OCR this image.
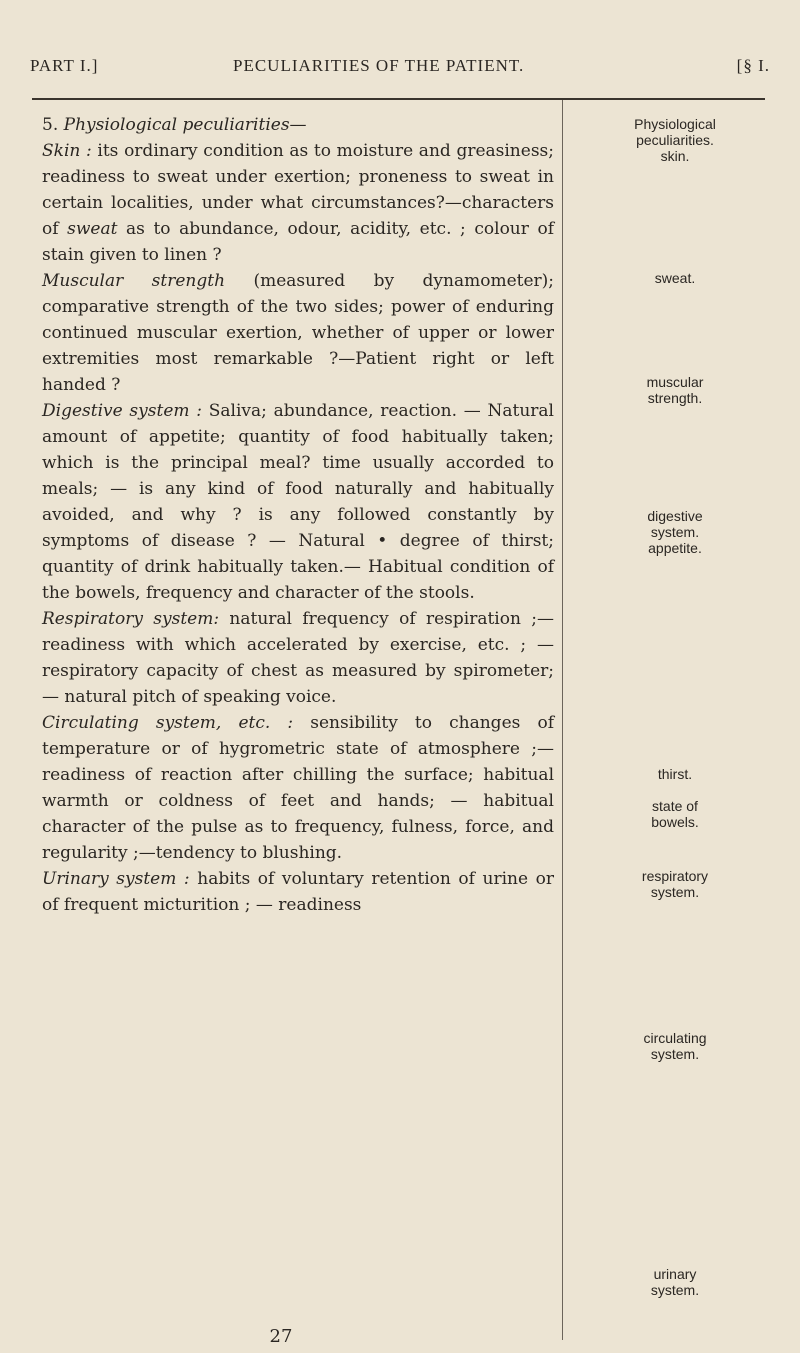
PART I.]	PECULIARITIES OF THE PATIENT.	[§ I.

5. Physiological peculiarities—

Skin : its ordinary condition as to moisture and greasiness; readiness to sweat under exertion; proneness to sweat in certain localities, under what circumstances?—characters of sweat as to abundance, odour, acidity, etc. ; colour of stain given to linen ?

Muscular strength (measured by dynamometer); comparative strength of the two sides; power of enduring continued muscular exertion, whether of upper or lower extremities most remarkable ?—Patient right or left handed ?

Digestive system : Saliva; abundance, reaction. — Natural amount of appetite; quantity of food habitually taken; which is the principal meal? time usually accorded to meals; — is any kind of food naturally and habitually avoided, and why ? is any followed constantly by symptoms of disease ? — Natural • degree of thirst; quantity of drink habitually taken.— Habitual condition of the bowels, frequency and character of the stools.

Respiratory system: natural frequency of respiration ;—readiness with which accelerated by exercise, etc. ; — respiratory capacity of chest as measured by spirometer; — natural pitch of speaking voice.

Circulating system, etc. : sensibility to changes of temperature or of hygrometric state of atmosphere ;—readiness of reaction after chilling the surface; habitual warmth or coldness of feet and hands; — habitual character of the pulse as to frequency, fulness, force, and regularity ;—tendency to blushing.

Urinary system : habits of voluntary retention of urine or of frequent micturition ; — readiness

Physiological
peculiarities.
skin.
sweat.
muscular
strength.
digestive
system.
appetite.
thirst.
state of
bowels.
respiratory
system.
circulating
system.
urinary
system.
27
